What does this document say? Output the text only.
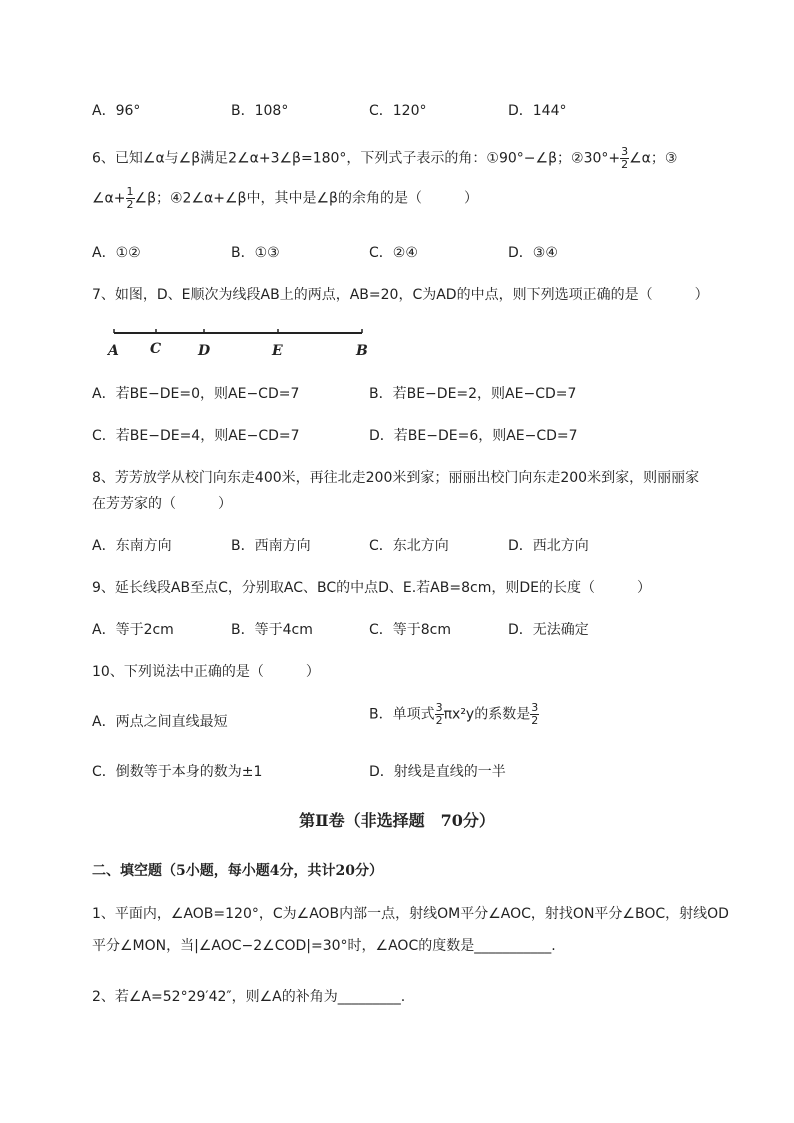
A．96°	B．108°	C．120°	D．144°
6、已知∠α与∠β满足2∠α+3∠β=180°，下列式子表示的角：①90°−∠β；②30°+ $\frac{3}{2}$ ∠α；③
∠α+ $\frac{1}{2}$ ∠β；④2∠α+∠β中，其中是∠β的余角的是（　　　）
A．①②	B．①③	C．②④	D．③④
7、如图，D、E顺次为线段AB上的两点，AB=20，C为AD的中点，则下列选项正确的是（　　　）
A C	D	E	B
A．若BE−DE=0，则AE−CD=7	B．若BE−DE=2，则AE−CD=7
C．若BE−DE=4，则AE−CD=7	D．若BE−DE=6，则AE−CD=7
8、芳芳放学从校门向东走400米，再往北走200米到家；丽丽出校门向东走200米到家，则丽丽家
在芳芳家的（　　　）
A．东南方向	B．西南方向	C．东北方向	D．西北方向
9、延长线段AB至点C，分别取AC、BC的中点D、E.若AB=8cm，则DE的长度（　　　）
A．等于2cm	B．等于4cm	C．等于8cm	D．无法确定
10、下列说法中正确的是（　　　）
A．两点之间直线最短	B．单项式 $\frac{3}{2} \pi x^2y$的系数是 $\frac{3}{2}$
C．倒数等于本身的数为±1	D．射线是直线的一半
第Ⅱ卷（非选择题　70分）
二、填空题（5小题，每小题4分，共计20分）
1、平面内，∠AOB=120°，C为∠AOB内部一点，射线OM平分∠AOC，射找ON平分∠BOC，射线OD
平分∠MON，当|∠AOC−2∠COD|=30°时，∠AOC的度数是___________.
2、若∠A=52°29′42″，则∠A的补角为_________.
